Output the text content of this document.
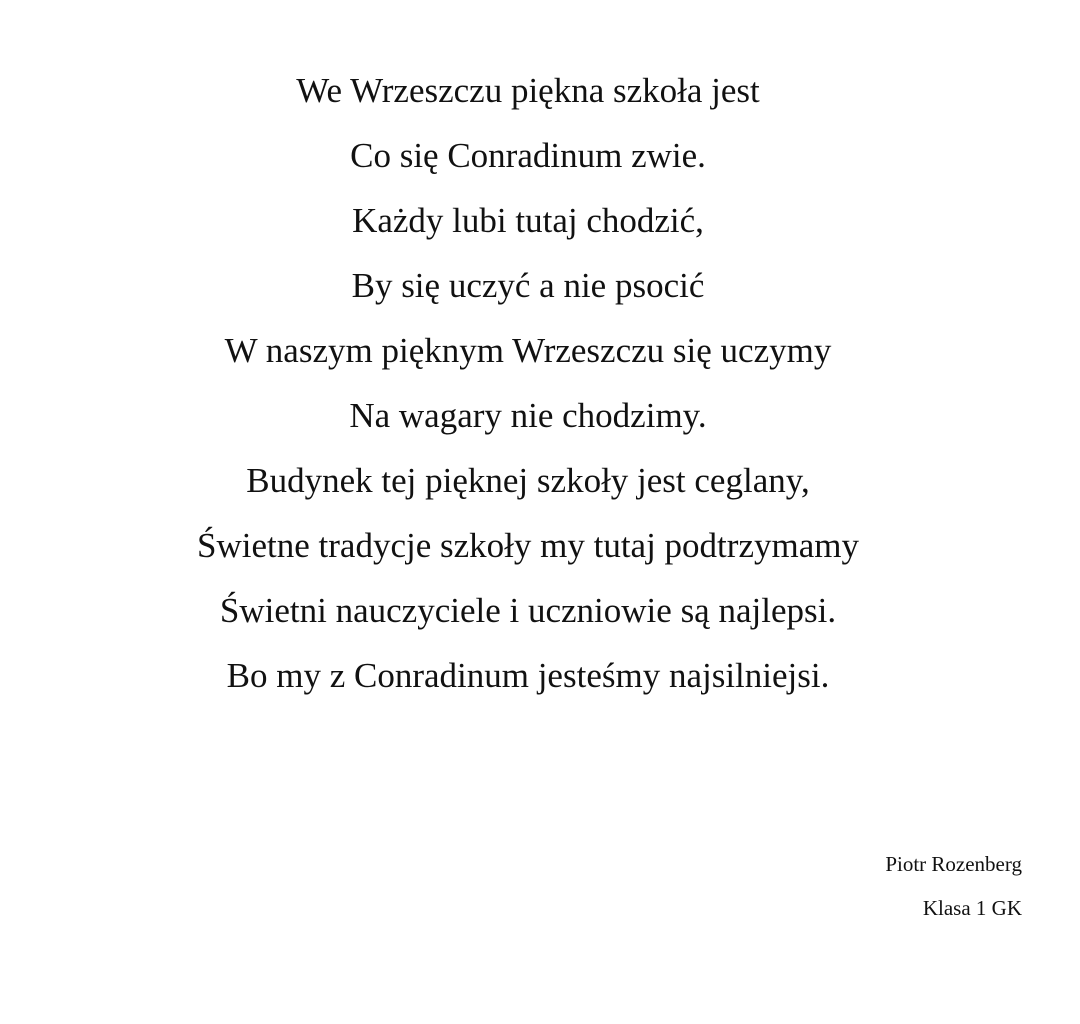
We Wrzeszczu piękna szkoła jest
Co się Conradinum zwie.
Każdy lubi tutaj chodzić,
By się uczyć a nie psocić
W naszym pięknym Wrzeszczu się uczymy
Na wagary nie chodzimy.
Budynek tej pięknej szkoły jest ceglany,
Świetne tradycje szkoły my tutaj podtrzymamy
Świetni nauczyciele i uczniowie są najlepsi.
Bo my z Conradinum jesteśmy najsilniejsi.
Piotr Rozenberg
Klasa 1 GK
